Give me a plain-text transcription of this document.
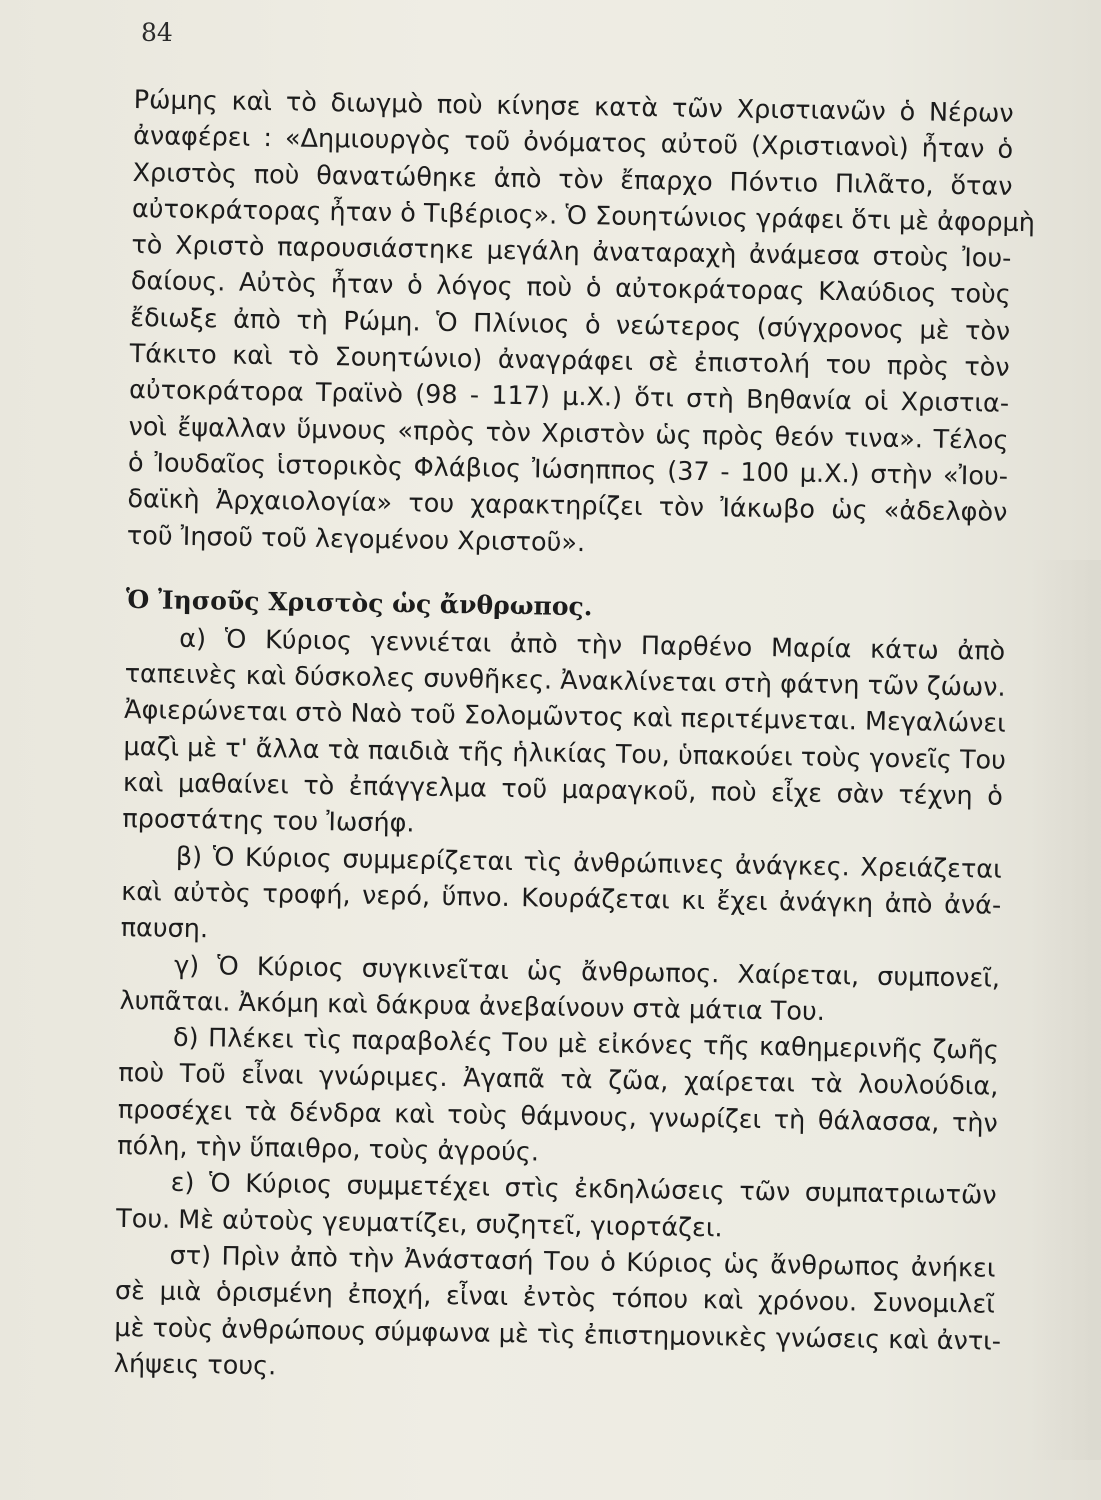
84
Ρώμης καὶ τὸ διωγμὸ ποὺ κίνησε κατὰ τῶν Χριστιανῶν ὁ Νέρων
ἀναφέρει : «Δημιουργὸς τοῦ ὀνόματος αὐτοῦ (Χριστιανοὶ) ἦταν ὁ
Χριστὸς ποὺ θανατώθηκε ἀπὸ τὸν ἔπαρχο Πόντιο Πιλᾶτο, ὅταν
αὐτοκράτορας ἦταν ὁ Τιβέριος». Ὁ Σουητώνιος γράφει ὅτι μὲ ἀφορμὴ
τὸ Χριστὸ παρουσιάστηκε μεγάλη ἀναταραχὴ ἀνάμεσα στοὺς Ἰου-
δαίους. Αὐτὸς ἦταν ὁ λόγος ποὺ ὁ αὐτοκράτορας Κλαύδιος τοὺς
ἔδιωξε ἀπὸ τὴ Ρώμη. Ὁ Πλίνιος ὁ νεώτερος (σύγχρονος μὲ τὸν
Τάκιτο καὶ τὸ Σουητώνιο) ἀναγράφει σὲ ἐπιστολή του πρὸς τὸν
αὐτοκράτορα Τραϊνὸ (98 - 117) μ.Χ.) ὅτι στὴ Βηθανία οἱ Χριστια-
νοὶ ἔψαλλαν ὕμνους «πρὸς τὸν Χριστὸν ὡς πρὸς θεόν τινα». Τέλος
ὁ Ἰουδαῖος ἱστορικὸς Φλάβιος Ἰώσηππος (37 - 100 μ.Χ.) στὴν «Ἰου-
δαϊκὴ Ἀρχαιολογία» του χαρακτηρίζει τὸν Ἰάκωβο ὡς «ἀδελφὸν
τοῦ Ἰησοῦ τοῦ λεγομένου Χριστοῦ».
Ὁ Ἰησοῦς Χριστὸς ὡς ἄνθρωπος.
α) Ὁ Κύριος γεννιέται ἀπὸ τὴν Παρθένο Μαρία κάτω ἀπὸ
ταπεινὲς καὶ δύσκολες συνθῆκες. Ἀνακλίνεται στὴ φάτνη τῶν ζώων.
Ἀφιερώνεται στὸ Ναὸ τοῦ Σολομῶντος καὶ περιτέμνεται. Μεγαλώνει
μαζὶ μὲ τ' ἄλλα τὰ παιδιὰ τῆς ἡλικίας Του, ὑπακούει τοὺς γονεῖς Του
καὶ μαθαίνει τὸ ἐπάγγελμα τοῦ μαραγκοῦ, ποὺ εἶχε σὰν τέχνη ὁ
προστάτης του Ἰωσήφ.
β) Ὁ Κύριος συμμερίζεται τὶς ἀνθρώπινες ἀνάγκες. Χρειάζεται
καὶ αὐτὸς τροφή, νερό, ὕπνο. Κουράζεται κι ἔχει ἀνάγκη ἀπὸ ἀνά-
παυση.
γ) Ὁ Κύριος συγκινεῖται ὡς ἄνθρωπος. Χαίρεται, συμπονεῖ,
λυπᾶται. Ἀκόμη καὶ δάκρυα ἀνεβαίνουν στὰ μάτια Του.
δ) Πλέκει τὶς παραβολές Του μὲ εἰκόνες τῆς καθημερινῆς ζωῆς
ποὺ Τοῦ εἶναι γνώριμες. Ἀγαπᾶ τὰ ζῶα, χαίρεται τὰ λουλούδια,
προσέχει τὰ δένδρα καὶ τοὺς θάμνους, γνωρίζει τὴ θάλασσα, τὴν
πόλη, τὴν ὕπαιθρο, τοὺς ἀγρούς.
ε) Ὁ Κύριος συμμετέχει στὶς ἐκδηλώσεις τῶν συμπατριωτῶν
Του. Μὲ αὐτοὺς γευματίζει, συζητεῖ, γιορτάζει.
στ) Πρὶν ἀπὸ τὴν Ἀνάστασή Του ὁ Κύριος ὡς ἄνθρωπος ἀνήκει
σὲ μιὰ ὁρισμένη ἐποχή, εἶναι ἐντὸς τόπου καὶ χρόνου. Συνομιλεῖ
μὲ τοὺς ἀνθρώπους σύμφωνα μὲ τὶς ἐπιστημονικὲς γνώσεις καὶ ἀντι-
λήψεις τους.
